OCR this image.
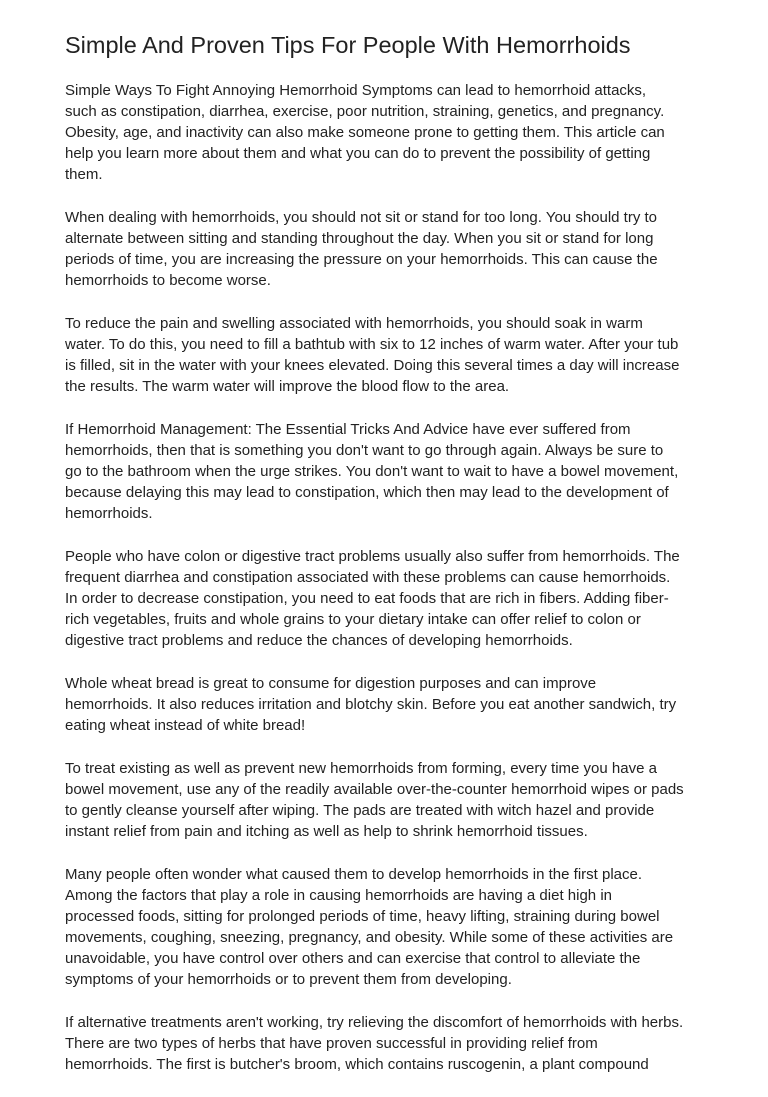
Simple And Proven Tips For People With Hemorrhoids

Simple Ways To Fight Annoying Hemorrhoid Symptoms can lead to hemorrhoid attacks,
such as constipation, diarrhea, exercise, poor nutrition, straining, genetics, and pregnancy.
Obesity, age, and inactivity can also make someone prone to getting them. This article can
help you learn more about them and what you can do to prevent the possibility of getting
them.

When dealing with hemorrhoids, you should not sit or stand for too long. You should try to
alternate between sitting and standing throughout the day. When you sit or stand for long
periods of time, you are increasing the pressure on your hemorrhoids. This can cause the
hemorrhoids to become worse.

To reduce the pain and swelling associated with hemorrhoids, you should soak in warm
water. To do this, you need to fill a bathtub with six to 12 inches of warm water. After your tub
is filled, sit in the water with your knees elevated. Doing this several times a day will increase
the results. The warm water will improve the blood flow to the area.

If Hemorrhoid Management: The Essential Tricks And Advice have ever suffered from
hemorrhoids, then that is something you don't want to go through again. Always be sure to
go to the bathroom when the urge strikes. You don't want to wait to have a bowel movement,
because delaying this may lead to constipation, which then may lead to the development of
hemorrhoids.

People who have colon or digestive tract problems usually also suffer from hemorrhoids. The
frequent diarrhea and constipation associated with these problems can cause hemorrhoids.
In order to decrease constipation, you need to eat foods that are rich in fibers. Adding fiber-
rich vegetables, fruits and whole grains to your dietary intake can offer relief to colon or
digestive tract problems and reduce the chances of developing hemorrhoids.

Whole wheat bread is great to consume for digestion purposes and can improve
hemorrhoids. It also reduces irritation and blotchy skin. Before you eat another sandwich, try
eating wheat instead of white bread!

To treat existing as well as prevent new hemorrhoids from forming, every time you have a
bowel movement, use any of the readily available over-the-counter hemorrhoid wipes or pads
to gently cleanse yourself after wiping. The pads are treated with witch hazel and provide
instant relief from pain and itching as well as help to shrink hemorrhoid tissues.

Many people often wonder what caused them to develop hemorrhoids in the first place.
Among the factors that play a role in causing hemorrhoids are having a diet high in
processed foods, sitting for prolonged periods of time, heavy lifting, straining during bowel
movements, coughing, sneezing, pregnancy, and obesity. While some of these activities are
unavoidable, you have control over others and can exercise that control to alleviate the
symptoms of your hemorrhoids or to prevent them from developing.

If alternative treatments aren't working, try relieving the discomfort of hemorrhoids with herbs.
There are two types of herbs that have proven successful in providing relief from
hemorrhoids. The first is butcher's broom, which contains ruscogenin, a plant compound
